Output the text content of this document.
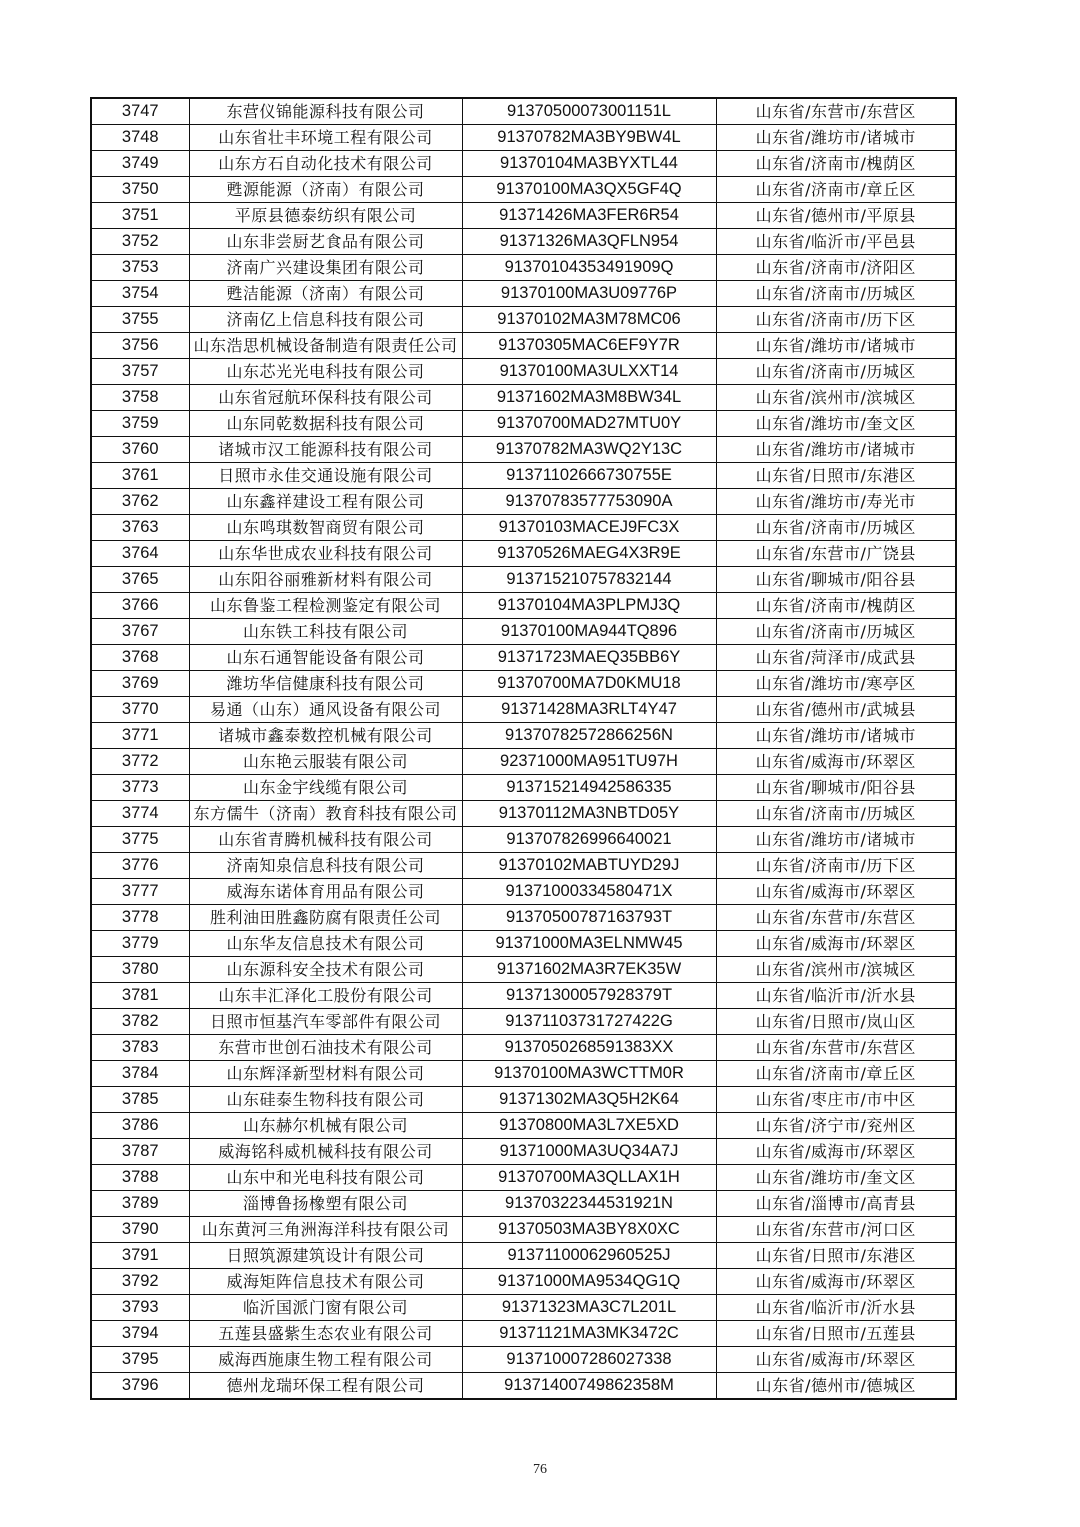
3747	东营仪锦能源科技有限公司	91370500073001151L	山东省/东营市/东营区
3748	山东省壮丰环境工程有限公司	91370782MA3BY9BW4L	山东省/潍坊市/诸城市
3749	山东方石自动化技术有限公司	91370104MA3BYXTL44	山东省/济南市/槐荫区
3750	甦源能源（济南）有限公司	91370100MA3QX5GF4Q	山东省/济南市/章丘区
3751	平原县德泰纺织有限公司	91371426MA3FER6R54	山东省/德州市/平原县
3752	山东非尝厨艺食品有限公司	91371326MA3QFLN954	山东省/临沂市/平邑县
3753	济南广兴建设集团有限公司	91370104353491909Q	山东省/济南市/济阳区
3754	甦洁能源（济南）有限公司	91370100MA3U09776P	山东省/济南市/历城区
3755	济南亿上信息科技有限公司	91370102MA3M78MC06	山东省/济南市/历下区
3756	山东浩思机械设备制造有限责任公司	91370305MAC6EF9Y7R	山东省/潍坊市/诸城市
3757	山东芯光光电科技有限公司	91370100MA3ULXXT14	山东省/济南市/历城区
3758	山东省冠航环保科技有限公司	91371602MA3M8BW34L	山东省/滨州市/滨城区
3759	山东同乾数据科技有限公司	91370700MAD27MTU0Y	山东省/潍坊市/奎文区
3760	诸城市汉工能源科技有限公司	91370782MA3WQ2Y13C	山东省/潍坊市/诸城市
3761	日照市永佳交通设施有限公司	91371102666730755E	山东省/日照市/东港区
3762	山东鑫祥建设工程有限公司	91370783577753090A	山东省/潍坊市/寿光市
3763	山东鸣琪数智商贸有限公司	91370103MACEJ9FC3X	山东省/济南市/历城区
3764	山东华世成农业科技有限公司	91370526MAEG4X3R9E	山东省/东营市/广饶县
3765	山东阳谷丽雅新材料有限公司	913715210757832144	山东省/聊城市/阳谷县
3766	山东鲁鉴工程检测鉴定有限公司	91370104MA3PLPMJ3Q	山东省/济南市/槐荫区
3767	山东铁工科技有限公司	91370100MA944TQ896	山东省/济南市/历城区
3768	山东石通智能设备有限公司	91371723MAEQ35BB6Y	山东省/菏泽市/成武县
3769	潍坊华信健康科技有限公司	91370700MA7D0KMU18	山东省/潍坊市/寒亭区
3770	易通（山东）通风设备有限公司	91371428MA3RLT4Y47	山东省/德州市/武城县
3771	诸城市鑫泰数控机械有限公司	91370782572866256N	山东省/潍坊市/诸城市
3772	山东艳云服装有限公司	92371000MA951TU97H	山东省/威海市/环翠区
3773	山东金宇线缆有限公司	913715214942586335	山东省/聊城市/阳谷县
3774	东方儒牛（济南）教育科技有限公司	91370112MA3NBTD05Y	山东省/济南市/历城区
3775	山东省青腾机械科技有限公司	913707826996640021	山东省/潍坊市/诸城市
3776	济南知泉信息科技有限公司	91370102MABTUYD29J	山东省/济南市/历下区
3777	威海东诺体育用品有限公司	91371000334580471X	山东省/威海市/环翠区
3778	胜利油田胜鑫防腐有限责任公司	91370500787163793T	山东省/东营市/东营区
3779	山东华友信息技术有限公司	91371000MA3ELNMW45	山东省/威海市/环翠区
3780	山东源科安全技术有限公司	91371602MA3R7EK35W	山东省/滨州市/滨城区
3781	山东丰汇泽化工股份有限公司	91371300057928379T	山东省/临沂市/沂水县
3782	日照市恒基汽车零部件有限公司	91371103731727422G	山东省/日照市/岚山区
3783	东营市世创石油技术有限公司	9137050268591383XX	山东省/东营市/东营区
3784	山东辉泽新型材料有限公司	91370100MA3WCTTM0R	山东省/济南市/章丘区
3785	山东硅泰生物科技有限公司	91371302MA3Q5H2K64	山东省/枣庄市/市中区
3786	山东赫尔机械有限公司	91370800MA3L7XE5XD	山东省/济宁市/兖州区
3787	威海铭科威机械科技有限公司	91371000MA3UQ34A7J	山东省/威海市/环翠区
3788	山东中和光电科技有限公司	91370700MA3QLLAX1H	山东省/潍坊市/奎文区
3789	淄博鲁扬橡塑有限公司	91370322344531921N	山东省/淄博市/高青县
3790	山东黄河三角洲海洋科技有限公司	91370503MA3BY8X0XC	山东省/东营市/河口区
3791	日照筑源建筑设计有限公司	91371100062960525J	山东省/日照市/东港区
3792	威海矩阵信息技术有限公司	91371000MA9534QG1Q	山东省/威海市/环翠区
3793	临沂国派门窗有限公司	91371323MA3C7L201L	山东省/临沂市/沂水县
3794	五莲县盛紫生态农业有限公司	91371121MA3MK3472C	山东省/日照市/五莲县
3795	威海西施康生物工程有限公司	913710007286027338	山东省/威海市/环翠区
3796	德州龙瑞环保工程有限公司	91371400749862358M	山东省/德州市/德城区
76
